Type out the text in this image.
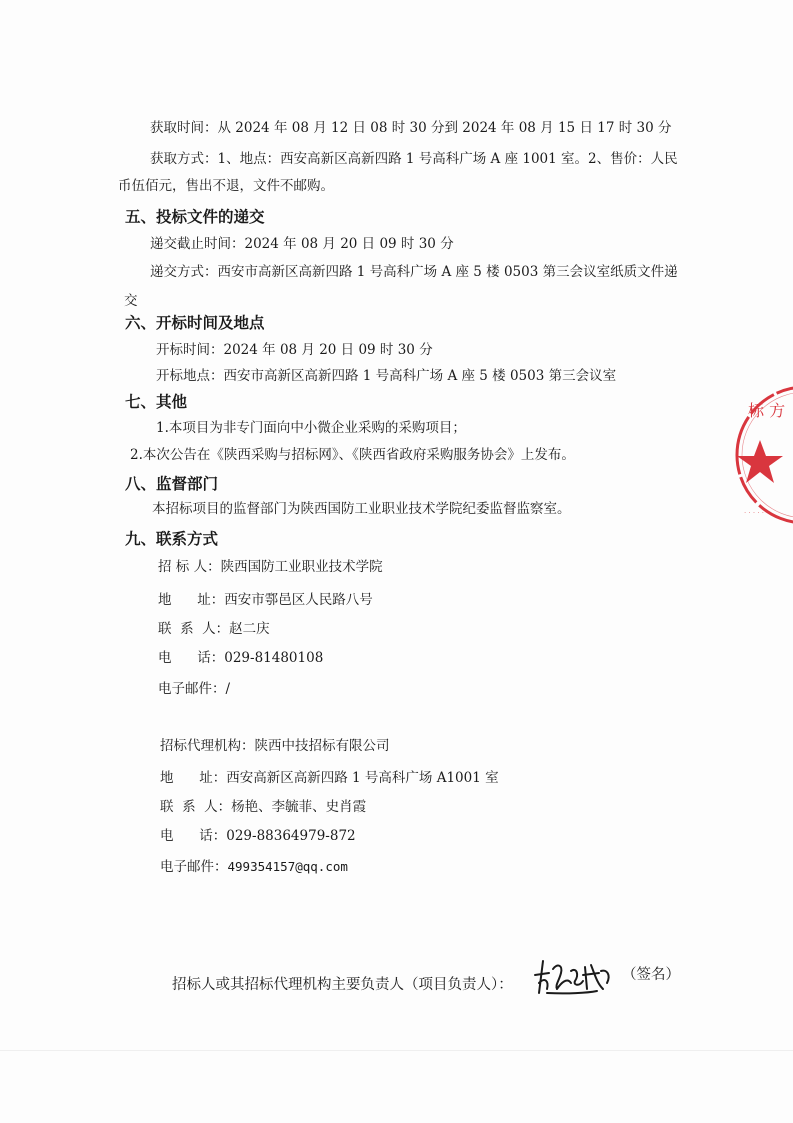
获取时间：从 2024 年 08 月 12 日 08 时 30 分到 2024 年 08 月 15 日 17 时 30 分
获取方式：1、地点：西安高新区高新四路 1 号高科广场 A 座 1001 室。2、售价：人民
币伍佰元，售出不退，文件不邮购。
五、投标文件的递交
递交截止时间：2024 年 08 月 20 日 09 时 30 分
递交方式：西安市高新区高新四路 1 号高科广场 A 座 5 楼 0503 第三会议室纸质文件递
交
六、开标时间及地点
开标时间：2024 年 08 月 20 日 09 时 30 分
开标地点：西安市高新区高新四路 1 号高科广场 A 座 5 楼 0503 第三会议室
七、其他
1.本项目为非专门面向中小微企业采购的采购项目；
2.本次公告在《陕西采购与招标网》、《陕西省政府采购服务协会》上发布。
八、监督部门
本招标项目的监督部门为陕西国防工业职业技术学院纪委监督监察室。
九、联系方式
招 标 人：陕西国防工业职业技术学院
地      址：西安市鄠邑区人民路八号
联  系  人：赵二庆
电      话：029-81480108
电子邮件：/
招标代理机构：陕西中技招标有限公司
地      址：西安高新区高新四路 1 号高科广场 A1001 室
联  系  人：杨艳、李毓菲、史肖霞
电      话：029-88364979-872
电子邮件：499354157@qq.com
招标人或其招标代理机构主要负责人（项目负责人）：
（签名）
标 方
· · · · ·
